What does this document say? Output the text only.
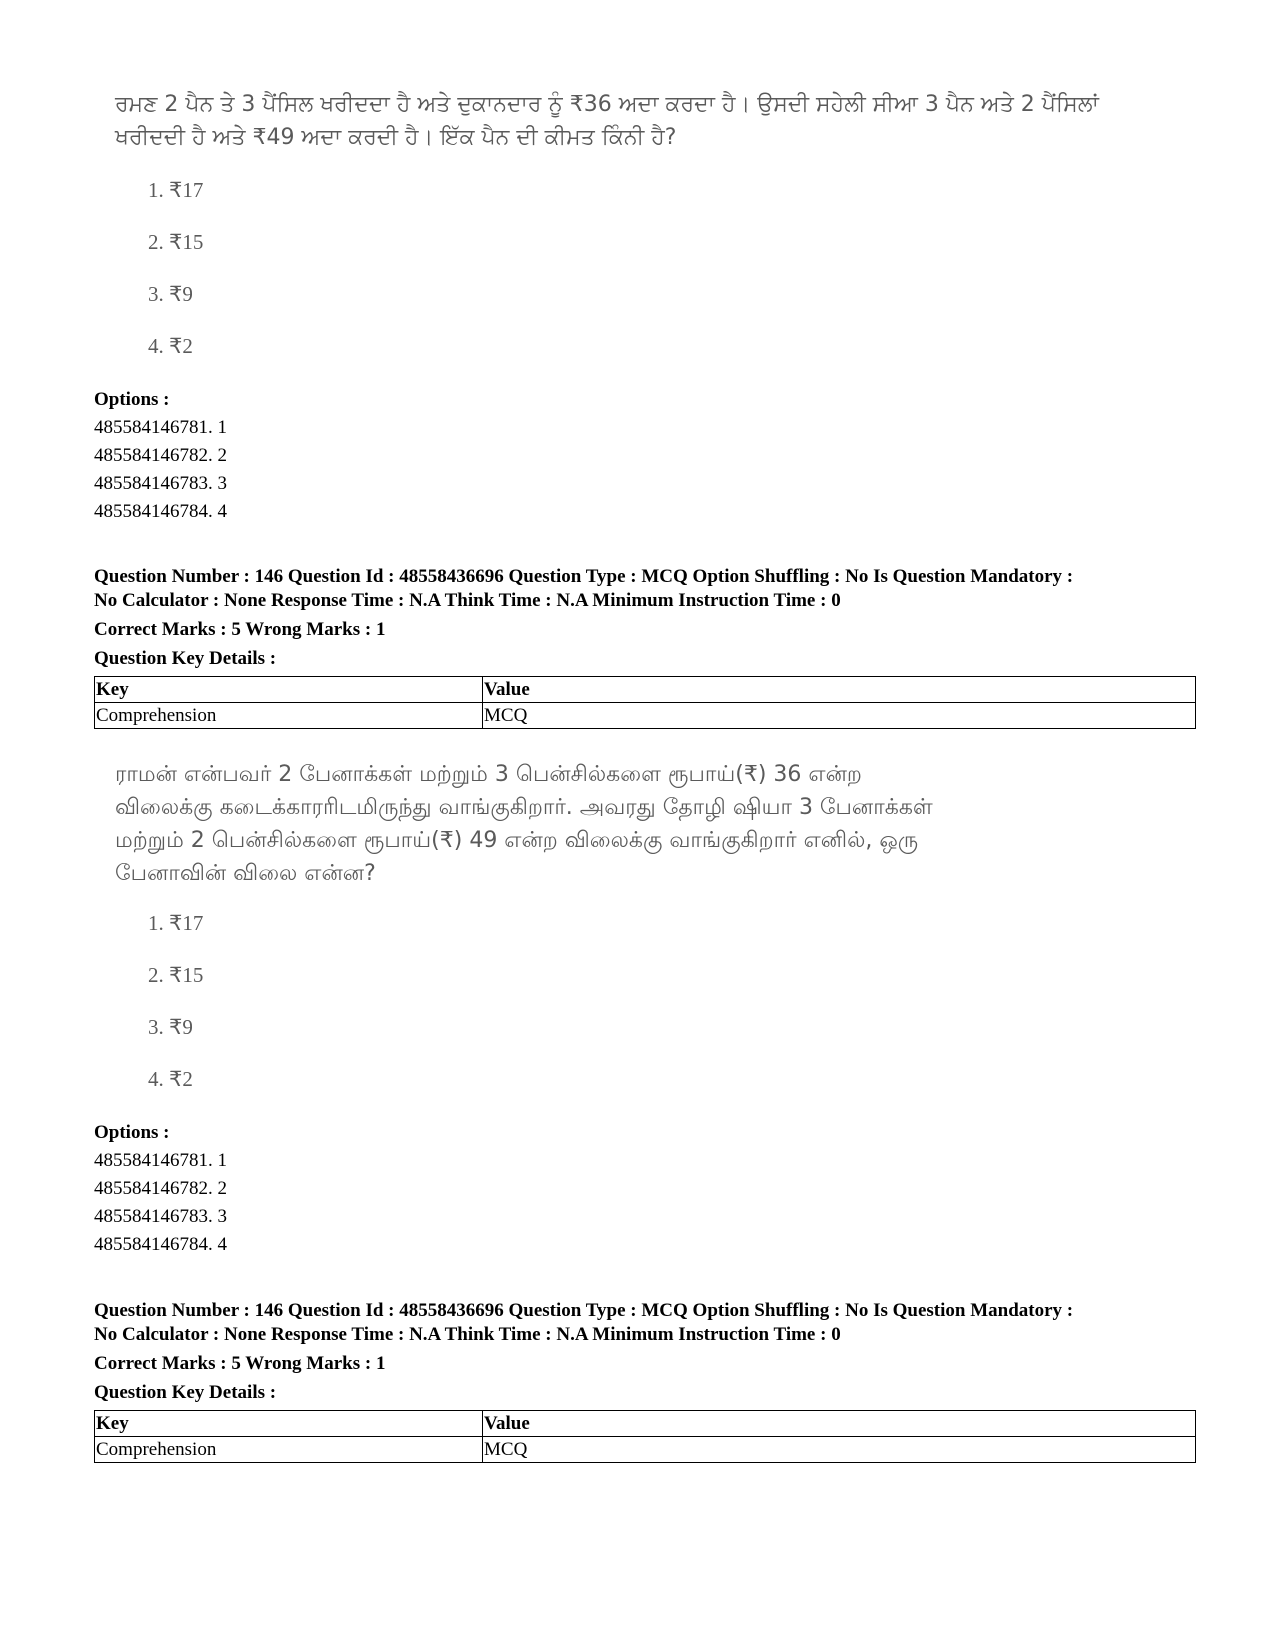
ਰਮਣ 2 ਪੈਨ ਤੇ 3 ਪੈਂਸਿਲ ਖਰੀਦਦਾ ਹੈ ਅਤੇ ਦੁਕਾਨਦਾਰ ਨੂੰ ₹36 ਅਦਾ ਕਰਦਾ ਹੈ। ਉਸਦੀ ਸਹੇਲੀ ਸੀਆ 3 ਪੈਨ ਅਤੇ 2 ਪੈਂਸਿਲਾਂ
ਖਰੀਦਦੀ ਹੈ ਅਤੇ ₹49 ਅਦਾ ਕਰਦੀ ਹੈ। ਇੱਕ ਪੈਨ ਦੀ ਕੀਮਤ ਕਿੰਨੀ ਹੈ?
1. ₹17
2. ₹15
3. ₹9
4. ₹2
Options :
485584146781. 1
485584146782. 2
485584146783. 3
485584146784. 4
Question Number : 146 Question Id : 48558436696 Question Type : MCQ Option Shuffling : No Is Question Mandatory :
No Calculator : None Response Time : N.A Think Time : N.A Minimum Instruction Time : 0
Correct Marks : 5 Wrong Marks : 1
Question Key Details :
Key	Value
Comprehension	MCQ
ராமன் என்பவர் 2 பேனாக்கள் மற்றும் 3 பென்சில்களை ரூபாய்(₹) 36 என்ற
விலைக்கு கடைக்காரரிடமிருந்து வாங்குகிறார். அவரது தோழி ஷியா 3 பேனாக்கள்
மற்றும் 2 பென்சில்களை ரூபாய்(₹) 49 என்ற விலைக்கு வாங்குகிறார் எனில், ஒரு
பேனாவின் விலை என்ன?
1. ₹17
2. ₹15
3. ₹9
4. ₹2
Options :
485584146781. 1
485584146782. 2
485584146783. 3
485584146784. 4
Question Number : 146 Question Id : 48558436696 Question Type : MCQ Option Shuffling : No Is Question Mandatory :
No Calculator : None Response Time : N.A Think Time : N.A Minimum Instruction Time : 0
Correct Marks : 5 Wrong Marks : 1
Question Key Details :
Key	Value
Comprehension	MCQ
